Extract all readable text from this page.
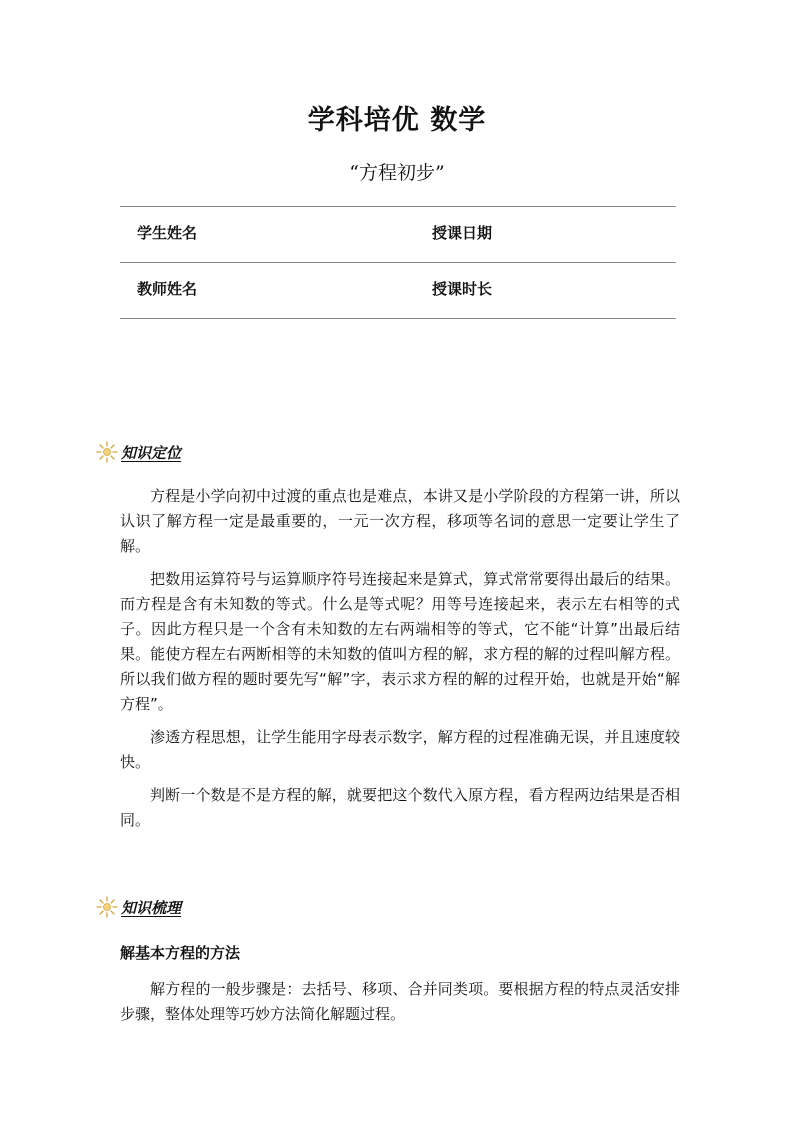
学科培优 数学
“方程初步”
学生姓名	授课日期
教师姓名	授课时长
知识定位

方程是小学向初中过渡的重点也是难点，本讲又是小学阶段的方程第一讲，所以认识了解方程一定是最重要的，一元一次方程，移项等名词的意思一定要让学生了解。

把数用运算符号与运算顺序符号连接起来是算式，算式常常要得出最后的结果。而方程是含有未知数的等式。什么是等式呢？用等号连接起来，表示左右相等的式子。因此方程只是一个含有未知数的左右两端相等的等式，它不能“计算”出最后结果。能使方程左右两断相等的未知数的值叫方程的解，求方程的解的过程叫解方程。所以我们做方程的题时要先写“解”字，表示求方程的解的过程开始，也就是开始“解方程”。

渗透方程思想，让学生能用字母表示数字，解方程的过程准确无误，并且速度较快。

判断一个数是不是方程的解，就要把这个数代入原方程，看方程两边结果是否相同。

知识梳理
解基本方程的方法

解方程的一般步骤是：去括号、移项、合并同类项。要根据方程的特点灵活安排步骤，整体处理等巧妙方法简化解题过程。
